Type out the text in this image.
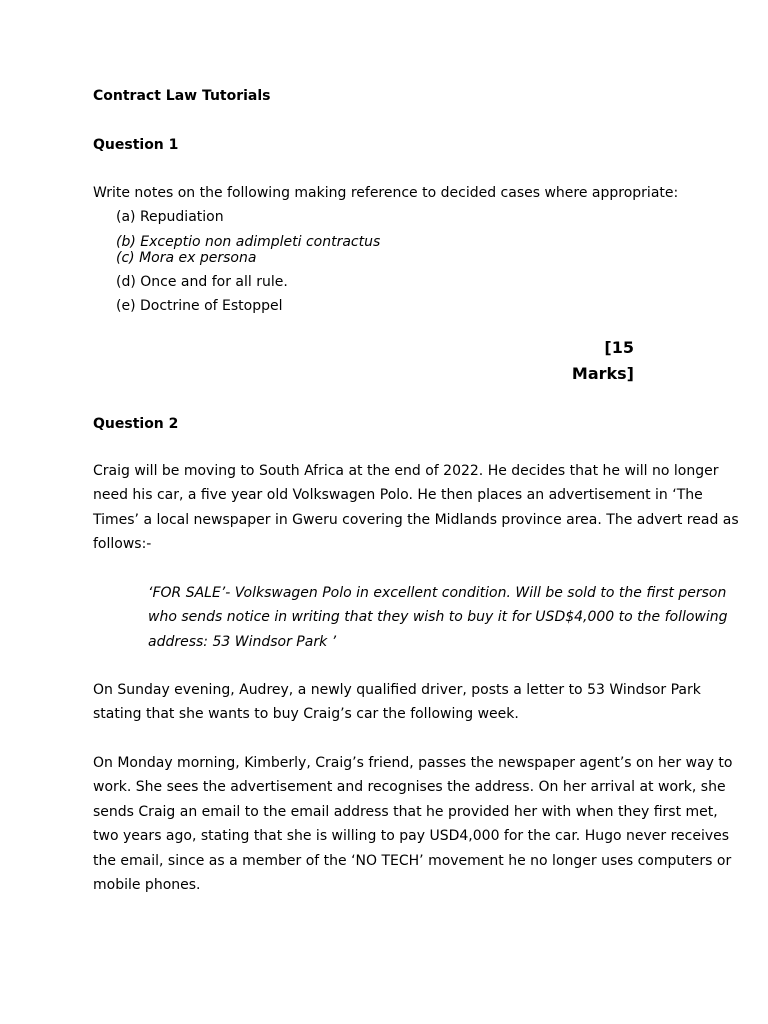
Contract Law Tutorials
Question 1
Write notes on the following making reference to decided cases where appropriate:
(a) Repudiation
(b) Exceptio non adimpleti contractus
(c) Mora ex persona
(d) Once and for all rule.
(e) Doctrine of Estoppel
[15
Marks]
Question 2
Craig will be moving to South Africa at the end of 2022. He decides that he will no longer
need his car, a five year old Volkswagen Polo. He then places an advertisement in ‘The
Times’ a local newspaper in Gweru covering the Midlands province area. The advert read as
follows:-
‘FOR SALE’- Volkswagen Polo in excellent condition. Will be sold to the first person
who sends notice in writing that they wish to buy it for USD$4,000 to the following
address: 53 Windsor Park ’
On Sunday evening, Audrey, a newly qualified driver, posts a letter to 53 Windsor Park
stating that she wants to buy Craig’s car the following week.
On Monday morning, Kimberly, Craig’s friend, passes the newspaper agent’s on her way to
work. She sees the advertisement and recognises the address. On her arrival at work, she
sends Craig an email to the email address that he provided her with when they first met,
two years ago, stating that she is willing to pay USD4,000 for the car. Hugo never receives
the email, since as a member of the ‘NO TECH’ movement he no longer uses computers or
mobile phones.
